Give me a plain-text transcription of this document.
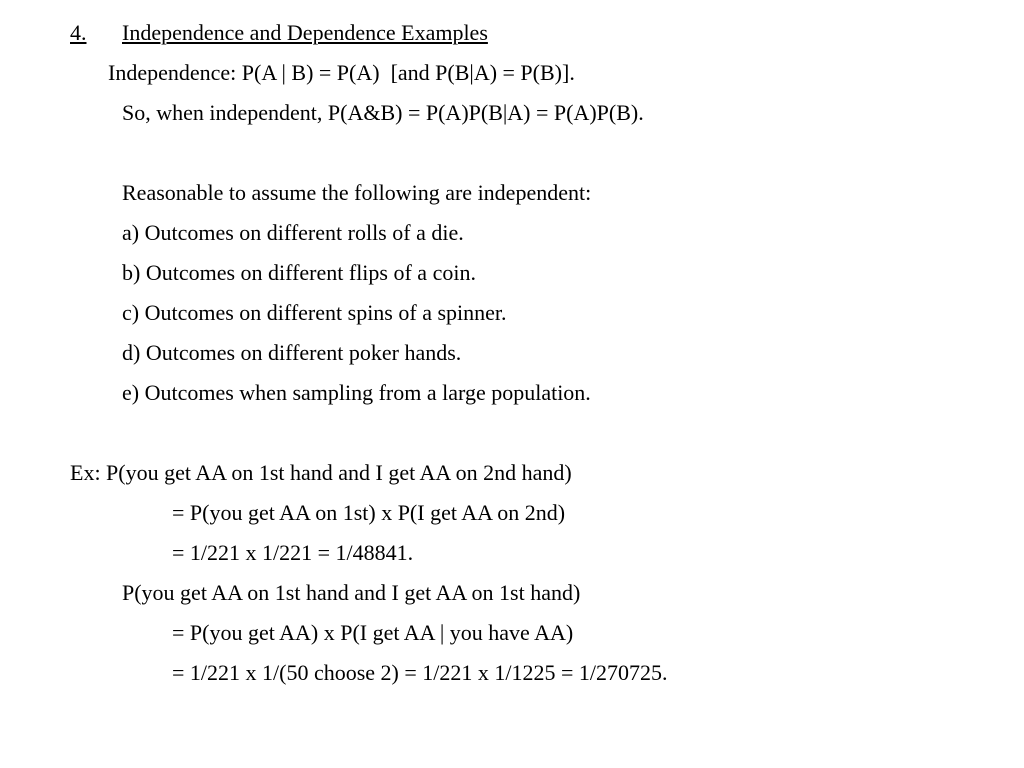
4. Independence and Dependence Examples
Independence: P(A | B) = P(A)  [and P(B|A) = P(B)].
So, when independent, P(A&B) = P(A)P(B|A) = P(A)P(B).
Reasonable to assume the following are independent:
a) Outcomes on different rolls of a die.
b) Outcomes on different flips of a coin.
c) Outcomes on different spins of a spinner.
d) Outcomes on different poker hands.
e) Outcomes when sampling from a large population.
Ex: P(you get AA on 1st hand and I get AA on 2nd hand)
= P(you get AA on 1st) x P(I get AA on 2nd)
= 1/221 x 1/221 = 1/48841.
P(you get AA on 1st hand and I get AA on 1st hand)
= P(you get AA) x P(I get AA | you have AA)
= 1/221 x 1/(50 choose 2) = 1/221 x 1/1225 = 1/270725.
